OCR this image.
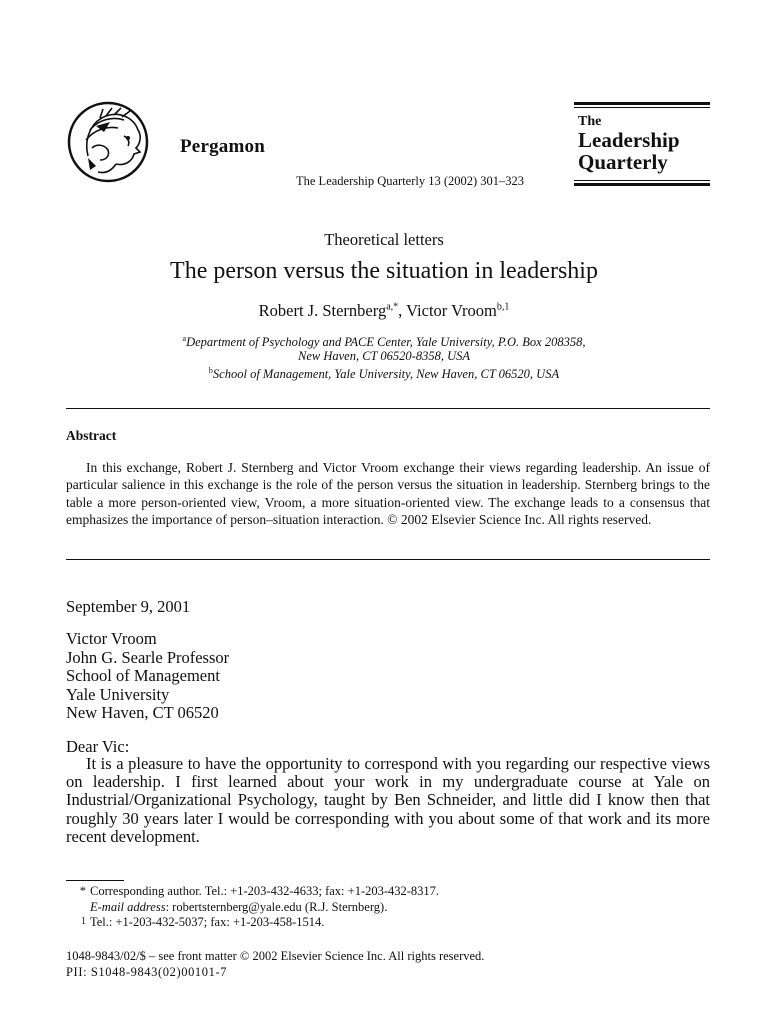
Pergamon
The Leadership Quarterly 13 (2002) 301–323
The
Leadership
Quarterly
Theoretical letters
The person versus the situation in leadership
Robert J. Sternberg$^{a,*}$, Victor Vroom$^{b,1}$
$^a$Department of Psychology and PACE Center, Yale University, P.O. Box 208358,
New Haven, CT 06520-8358, USA
$^b$School of Management, Yale University, New Haven, CT 06520, USA
Abstract

In this exchange, Robert J. Sternberg and Victor Vroom exchange their views regarding leadership. An issue of particular salience in this exchange is the role of the person versus the situation in leadership. Sternberg brings to the table a more person-oriented view, Vroom, a more situation-oriented view. The exchange leads to a consensus that emphasizes the importance of person–situation interaction. © 2002 Elsevier Science Inc. All rights reserved.

September 9, 2001
Victor Vroom
John G. Searle Professor
School of Management
Yale University
New Haven, CT 06520
Dear Vic:

It is a pleasure to have the opportunity to correspond with you regarding our respective views on leadership. I first learned about your work in my undergraduate course at Yale on Industrial/Organizational Psychology, taught by Ben Schneider, and little did I know then that roughly 30 years later I would be corresponding with you about some of that work and its more recent development.

* Corresponding author. Tel.: +1-203-432-4633; fax: +1-203-432-8317.
E-mail address: robertsternberg@yale.edu (R.J. Sternberg).
1 Tel.: +1-203-432-5037; fax: +1-203-458-1514.
1048-9843/02/$ – see front matter © 2002 Elsevier Science Inc. All rights reserved.
PII: S1048-9843(02)00101-7
